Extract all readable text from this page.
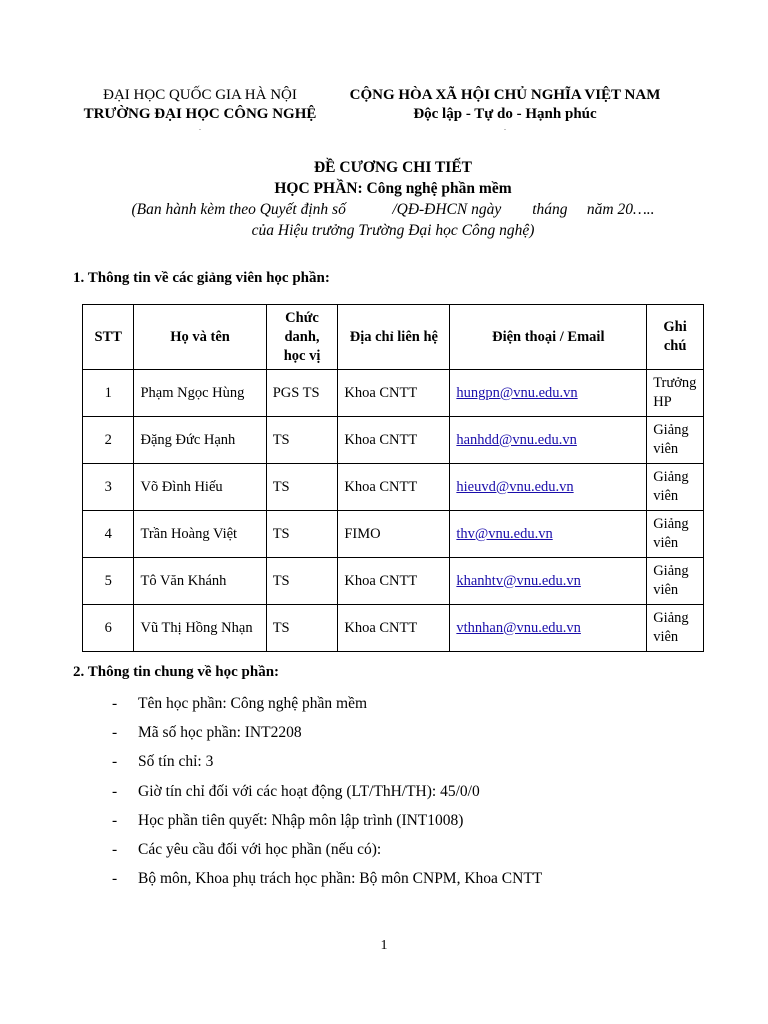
ĐẠI HỌC QUỐC GIA HÀ NỘI
TRƯỜNG ĐẠI HỌC CÔNG NGHỆ
.
CỘNG HÒA XÃ HỘI CHỦ NGHĨA VIỆT NAM
Độc lập - Tự do - Hạnh phúc
.
ĐỀ CƯƠNG CHI TIẾT
HỌC PHẦN: Công nghệ phần mềm
(Ban hành kèm theo Quyết định số            /QĐ-ĐHCN ngày        tháng     năm 20…..
của Hiệu trưởng Trường Đại học Công nghệ)
1. Thông tin về các giảng viên học phần:
STT	Họ và tên	Chức danh, học vị	Địa chỉ liên hệ	Điện thoại / Email	Ghi chú
1	Phạm Ngọc Hùng	PGS TS	Khoa CNTT	hungpn@vnu.edu.vn	Trưởng HP
2	Đặng Đức Hạnh	TS	Khoa CNTT	hanhdd@vnu.edu.vn	Giảng viên
3	Võ Đình Hiếu	TS	Khoa CNTT	hieuvd@vnu.edu.vn	Giảng viên
4	Trần Hoàng Việt	TS	FIMO	thv@vnu.edu.vn	Giảng viên
5	Tô Văn Khánh	TS	Khoa CNTT	khanhtv@vnu.edu.vn	Giảng viên
6	Vũ Thị Hồng Nhạn	TS	Khoa CNTT	vthnhan@vnu.edu.vn	Giảng viên
2. Thông tin chung về học phần:
-	Tên học phần: Công nghệ phần mềm
-	Mã số học phần: INT2208
-	Số tín chỉ: 3
-	Giờ tín chỉ đối với các hoạt động (LT/ThH/TH): 45/0/0
-	Học phần tiên quyết: Nhập môn lập trình (INT1008)
-	Các yêu cầu đối với học phần (nếu có):
-	Bộ môn, Khoa phụ trách học phần: Bộ môn CNPM, Khoa CNTT
1
